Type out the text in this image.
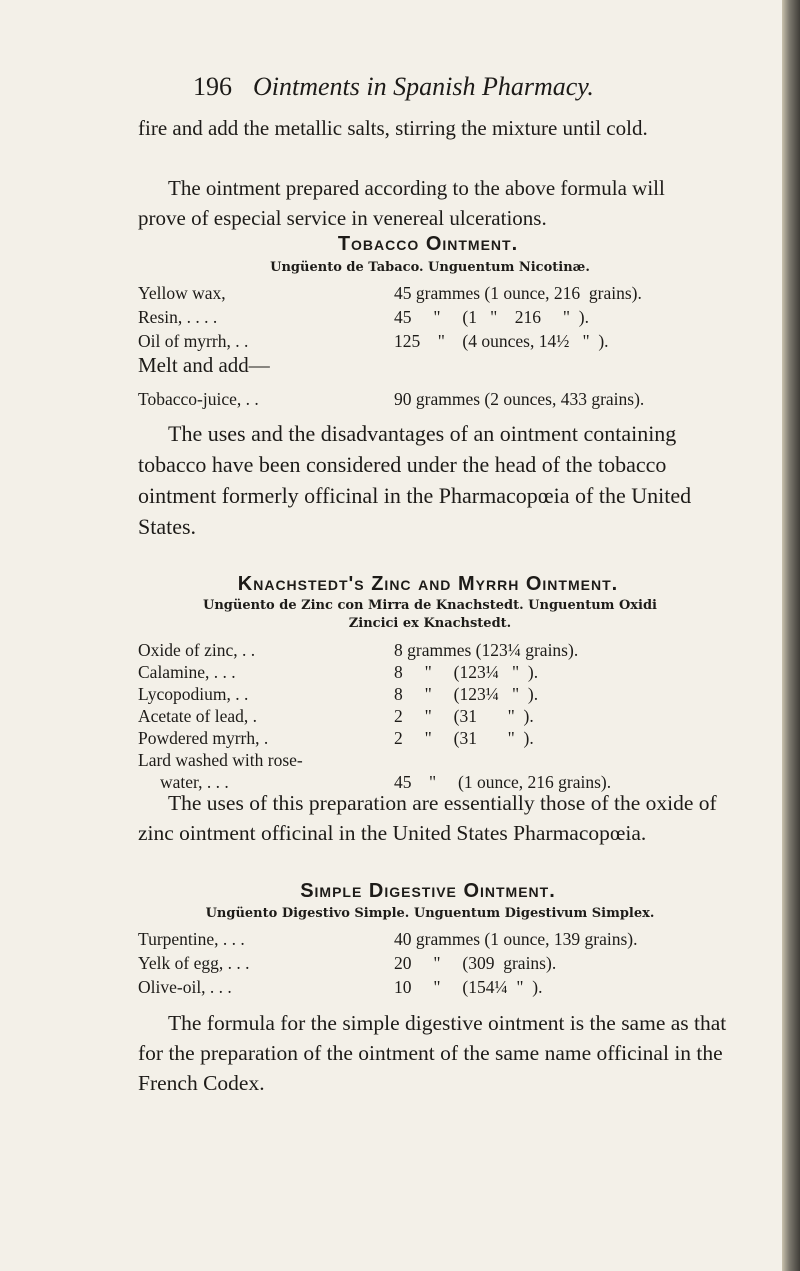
196 Ointments in Spanish Pharmacy.

fire and add the metallic salts, stirring the mixture until cold.

The ointment prepared according to the above formula will prove of especial service in venereal ulcerations.

Tobacco Ointment.

Ungüento de Tabaco. Unguentum Nicotinæ.

Yellow wax,	45 grammes (1 ounce, 216  grains).
Resin, . . . .	45     "     (1   "    216     "  ).
Oil of myrrh, . .	125    "    (4 ounces, 14½   "  ).
Melt and add—
Tobacco-juice, . .	90 grammes (2 ounces, 433 grains).

The uses and the disadvantages of an ointment containing tobacco have been considered under the head of the tobacco ointment formerly officinal in the Pharmacopœia of the United States.

Knachstedt's Zinc and Myrrh Ointment.

Ungüento de Zinc con Mirra de Knachstedt. Unguentum Oxidi

Zincici ex Knachstedt.

Oxide of zinc, . .	8 grammes (123¼ grains).
Calamine, . . .	8     "     (123¼   "  ).
Lycopodium, . .	8     "     (123¼   "  ).
Acetate of lead, .	2     "     (31       "  ).
Powdered myrrh, .	2     "     (31       "  ).
Lard washed with rose-
water, . . .	45    "     (1 ounce, 216 grains).

The uses of this preparation are essentially those of the oxide of zinc ointment officinal in the United States Pharmacopœia.

Simple Digestive Ointment.

Ungüento Digestivo Simple. Unguentum Digestivum Simplex.

Turpentine, . . .	40 grammes (1 ounce, 139 grains).
Yelk of egg, . . .	20     "     (309  grains).
Olive-oil, . . .	10     "     (154¼  "  ).

The formula for the simple digestive ointment is the same as that for the preparation of the ointment of the same name officinal in the French Codex.
